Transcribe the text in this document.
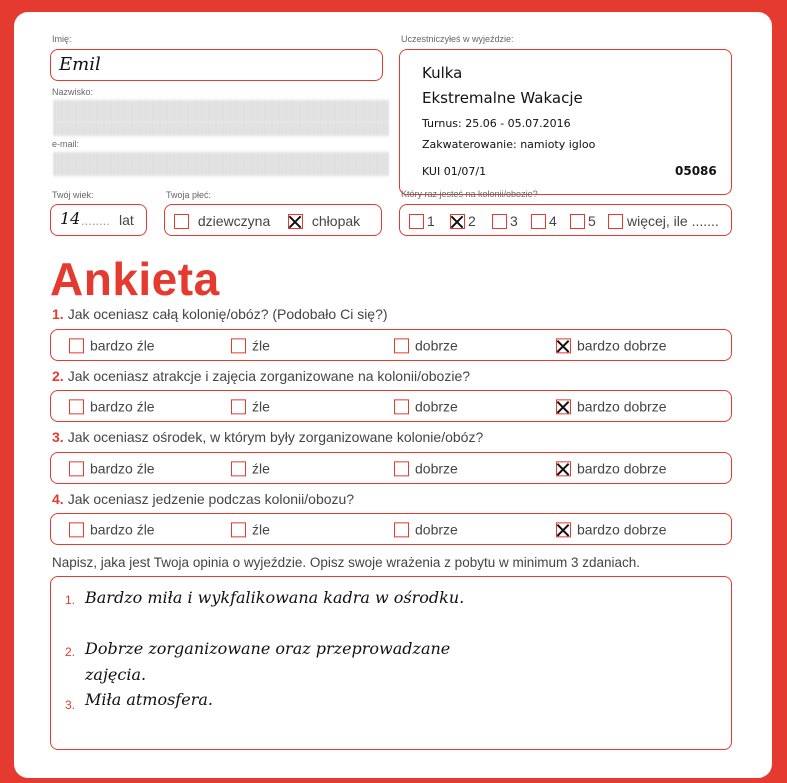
Imię:
Emil
Nazwisko:
e-mail:
Twój wiek:
14 ........ lat
Twoja płeć:
dziewczyna	chłopak
Uczestniczyłeś w wyjeździe:
Kulka
Ekstremalne Wakacje
Turnus: 25.06 - 05.07.2016
Zakwaterowanie: namioty igloo
KUI 01/07/1	05086
Który raz jesteś na kolonii/obozie?
1	2	3	4	5	więcej, ile .......
Ankieta
1. Jak oceniasz całą kolonię/obóz? (Podobało Ci się?)
bardzo źle	źle	dobrze	bardzo dobrze
2. Jak oceniasz atrakcje i zajęcia zorganizowane na kolonii/obozie?
bardzo źle	źle	dobrze	bardzo dobrze
3. Jak oceniasz ośrodek, w którym były zorganizowane kolonie/obóz?
bardzo źle	źle	dobrze	bardzo dobrze
4. Jak oceniasz jedzenie podczas kolonii/obozu?
bardzo źle	źle	dobrze	bardzo dobrze
Napisz, jaka jest Twoja opinia o wyjeździe. Opisz swoje wrażenia z pobytu w minimum 3 zdaniach.
1. Bardzo miła i wykfalikowana kadra w ośrodku.
2. Dobrze zorganizowane oraz przeprowadzane
zajęcia.
3. Miła atmosfera.
